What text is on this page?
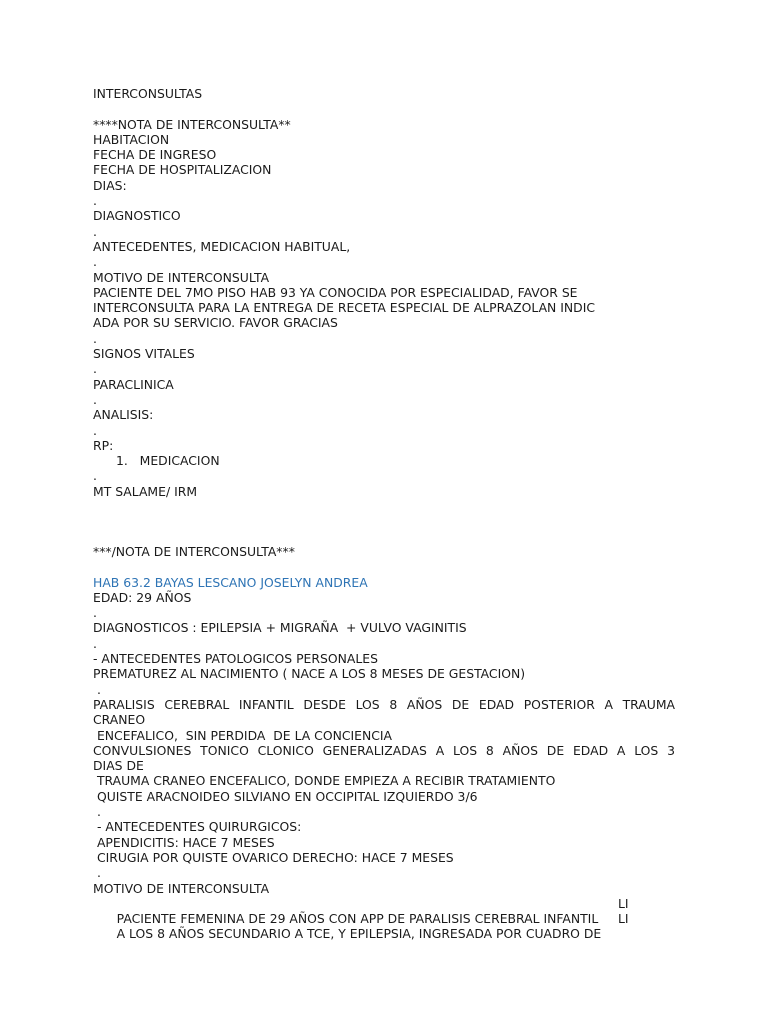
INTERCONSULTAS
****NOTA DE INTERCONSULTA**
HABITACION
FECHA DE INGRESO
FECHA DE HOSPITALIZACION
DIAS:
.
DIAGNOSTICO
.
ANTECEDENTES, MEDICACION HABITUAL,
.
MOTIVO DE INTERCONSULTA
PACIENTE DEL 7MO PISO HAB 93 YA CONOCIDA POR ESPECIALIDAD, FAVOR SE
INTERCONSULTA PARA LA ENTREGA DE RECETA ESPECIAL DE ALPRAZOLAN INDIC
ADA POR SU SERVICIO. FAVOR GRACIAS
.
SIGNOS VITALES
.
PARACLINICA
.
ANALISIS:
.
RP:
1.   MEDICACION
.
MT SALAME/ IRM
***/NOTA DE INTERCONSULTA***
HAB 63.2 BAYAS LESCANO JOSELYN ANDREA
EDAD: 29 AÑOS
.
DIAGNOSTICOS : EPILEPSIA + MIGRAÑA  + VULVO VAGINITIS
.
- ANTECEDENTES PATOLOGICOS PERSONALES
PREMATUREZ AL NACIMIENTO ( NACE A LOS 8 MESES DE GESTACION)
.
PARALISIS CEREBRAL INFANTIL DESDE LOS 8 AÑOS DE EDAD POSTERIOR A TRAUMA
CRANEO
ENCEFALICO,  SIN PERDIDA  DE LA CONCIENCIA
CONVULSIONES TONICO CLONICO GENERALIZADAS A LOS 8 AÑOS DE EDAD A LOS 3
DIAS DE
TRAUMA CRANEO ENCEFALICO, DONDE EMPIEZA A RECIBIR TRATAMIENTO
QUISTE ARACNOIDEO SILVIANO EN OCCIPITAL IZQUIERDO 3/6
.
- ANTECEDENTES QUIRURGICOS:
APENDICITIS: HACE 7 MESES
CIRUGIA POR QUISTE OVARICO DERECHO: HACE 7 MESES
.
MOTIVO DE INTERCONSULTA

PACIENTE FEMENINA DE 29 AÑOS CON APP DE PARALISIS CEREBRAL INFANTIL

LI

A LOS 8 AÑOS SECUNDARIO A TCE, Y EPILEPSIA, INGRESADA POR CUADRO DE

LI
